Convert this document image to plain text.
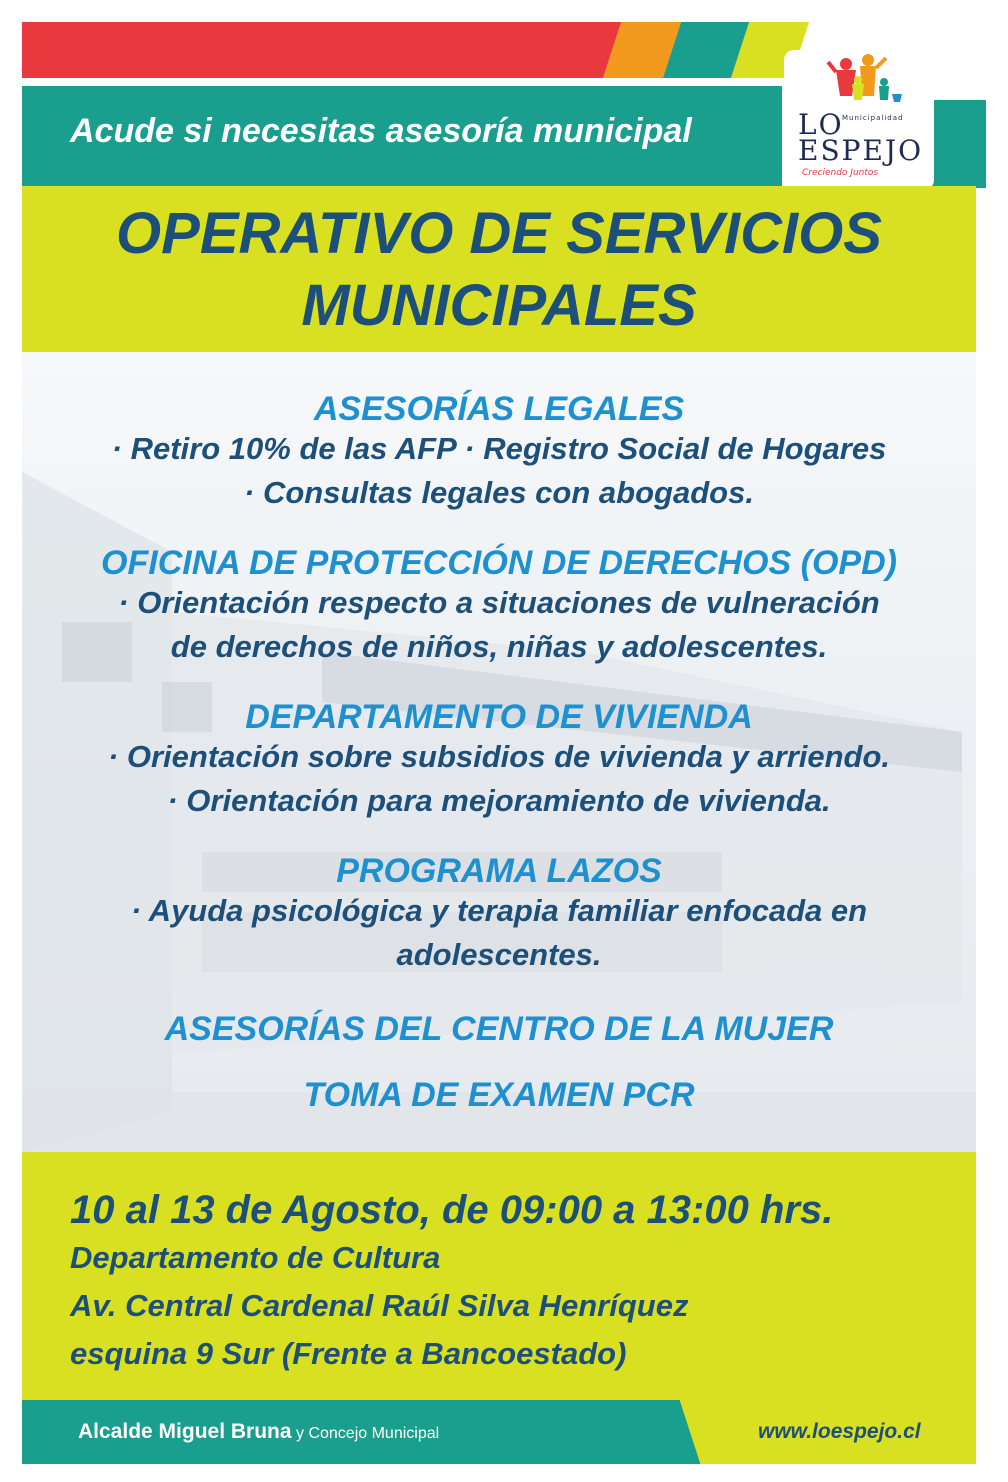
Acude si necesitas asesoría municipal	LO
Municipalidad
ESPEJO
Creciendo Juntos
OPERATIVO DE SERVICIOS
MUNICIPALES
ASESORÍAS LEGALES
· Retiro 10% de las AFP · Registro Social de Hogares
· Consultas legales con abogados.
OFICINA DE PROTECCIÓN DE DERECHOS (OPD)
· Orientación respecto a situaciones de vulneración
de derechos de niños, niñas y adolescentes.
DEPARTAMENTO DE VIVIENDA
· Orientación sobre subsidios de vivienda y arriendo.
· Orientación para mejoramiento de vivienda.
PROGRAMA LAZOS
· Ayuda psicológica y terapia familiar enfocada en
adolescentes.
ASESORÍAS DEL CENTRO DE LA MUJER
TOMA DE EXAMEN PCR
10 al 13 de Agosto, de 09:00 a 13:00 hrs.
Departamento de Cultura
Av. Central Cardenal Raúl Silva Henríquez
esquina 9 Sur (Frente a Bancoestado)
Alcalde Miguel Bruna y Concejo Municipal	www.loespejo.cl
